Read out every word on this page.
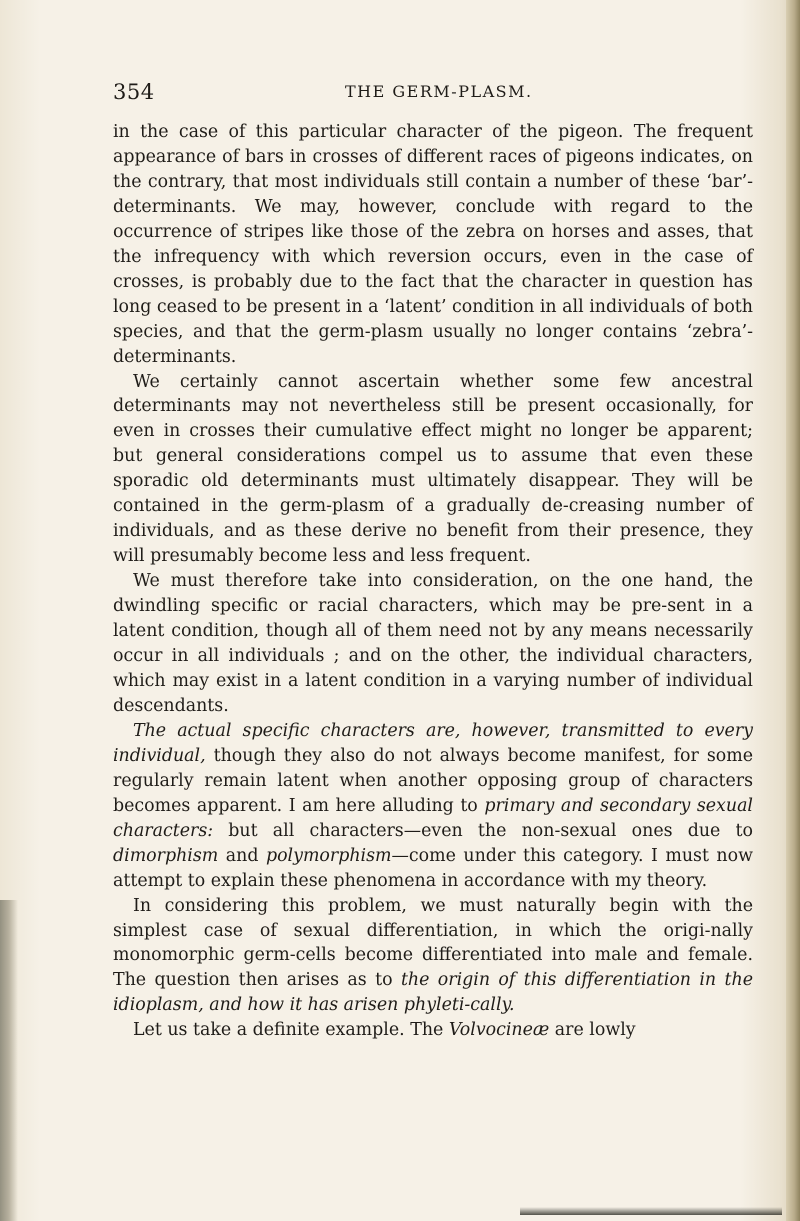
354	THE GERM-PLASM.

in the case of this particular character of the pigeon. The frequent appearance of bars in crosses of different races of pigeons indicates, on the contrary, that most individuals still contain a number of these ‘bar’-determinants. We may, however, conclude with regard to the occurrence of stripes like those of the zebra on horses and asses, that the infrequency with which reversion occurs, even in the case of crosses, is probably due to the fact that the character in question has long ceased to be present in a ‘latent’ condition in all individuals of both species, and that the germ-plasm usually no longer contains ‘zebra’-determinants.

We certainly cannot ascertain whether some few ancestral determinants may not nevertheless still be present occasionally, for even in crosses their cumulative effect might no longer be apparent; but general considerations compel us to assume that even these sporadic old determinants must ultimately disappear. They will be contained in the germ-plasm of a gradually de-creasing number of individuals, and as these derive no benefit from their presence, they will presumably become less and less frequent.

We must therefore take into consideration, on the one hand, the dwindling specific or racial characters, which may be pre-sent in a latent condition, though all of them need not by any means necessarily occur in all individuals ; and on the other, the individual characters, which may exist in a latent condition in a varying number of individual descendants.

The actual specific characters are, however, transmitted to every individual, though they also do not always become manifest, for some regularly remain latent when another opposing group of characters becomes apparent. I am here alluding to primary and secondary sexual characters: but all characters—even the non-sexual ones due to dimorphism and polymorphism—come under this category. I must now attempt to explain these phenomena in accordance with my theory.

In considering this problem, we must naturally begin with the simplest case of sexual differentiation, in which the origi-nally monomorphic germ-cells become differentiated into male and female. The question then arises as to the origin of this differentiation in the idioplasm, and how it has arisen phyleti-cally.

Let us take a definite example. The Volvocineæ are lowly
